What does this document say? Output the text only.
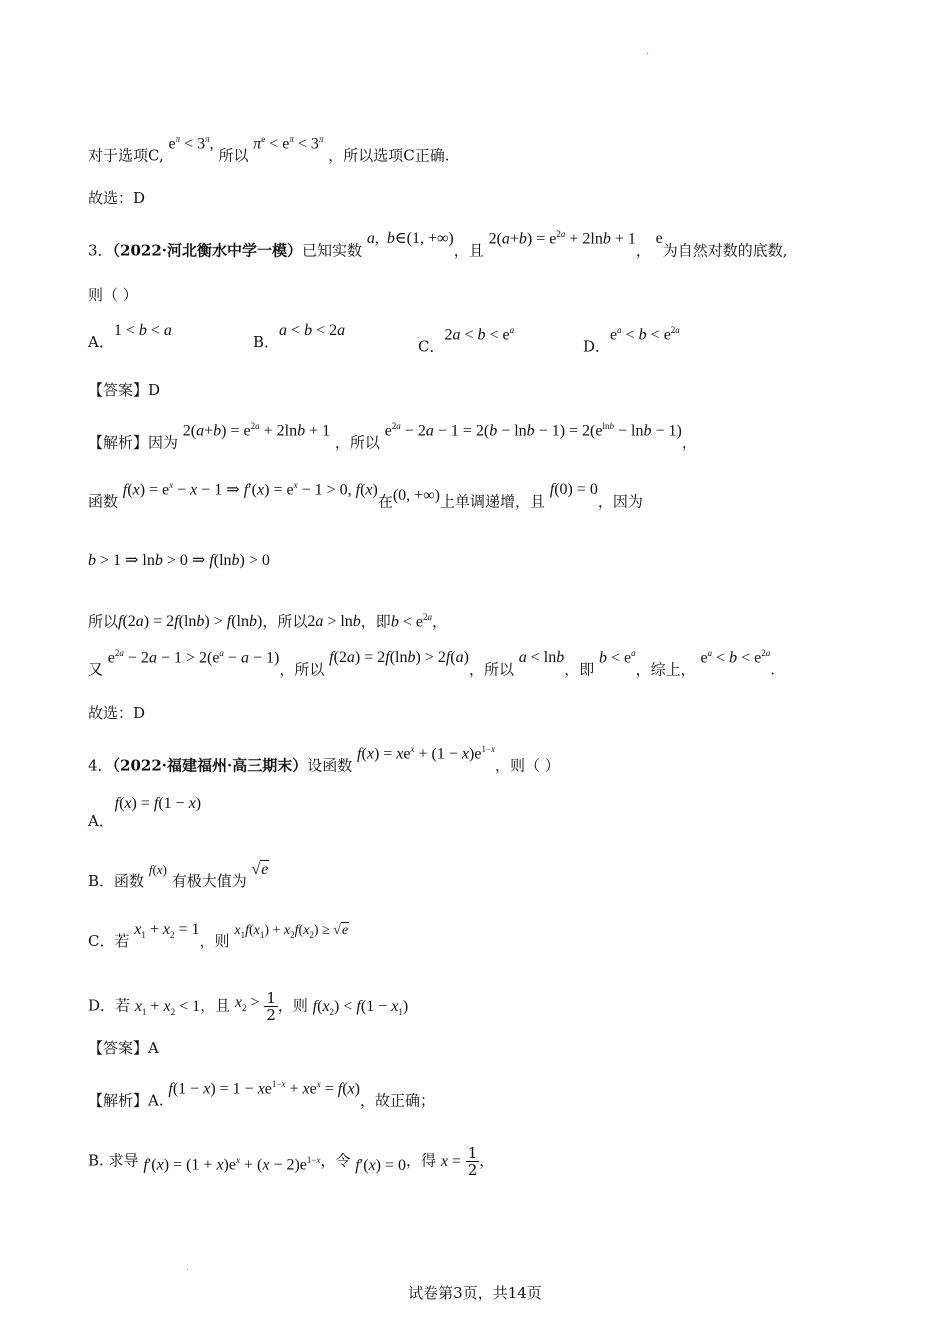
.
对于选项C, $e^\pi < 3^\pi$, 所以 $\pi^e < e^\pi < 3^\pi$ ，所以选项C正确.
故选：D
3．（2022·河北衡水中学一模）已知实数 a,  b∈(1, +∞)，且 $2(a+b) = e^{2a} + 2\ln b + 1$， e为自然对数的底数,
则（ ）
A．1 < b < a
B．a < b < 2a
C．$2a < b < e^a$
D．$e^a < b < e^{2a}$
【答案】D
【解析】因为 $2(a+b) = e^{2a} + 2\ln b + 1$ ，所以 $e^{2a} - 2a - 1 = 2(b - \ln b - 1) = 2(e^{lnb} - \ln b - 1)$，
函数 $f(x) = e^x - x - 1$ ⇒ $f'(x) = e^x - 1 > 0$, f(x)在(0, +∞)上单调递增，且 f(0) = 0，因为
b > 1 ⇒ lnb > 0 ⇒ f(lnb) > 0
所以f(2a) = 2f(lnb) > f(lnb)，所以2a > lnb，即$b < e^{2a}$，
又 $e^{2a} - 2a - 1 > 2(e^a - a - 1)$，所以 f(2a) = 2f(lnb) > 2f(a)，所以 a < lnb，即 $b < e^a$，综上， $e^a < b < e^{2a}$.
故选：D
4．（2022·福建福州·高三期末）设函数 $f(x) = xe^x + (1 - x)e^{1-x}$，则（ ）
A． f(x) = f(1 − x)
B．函数 f(x) 有极大值为 √e
C．若 $x_1 + x_2 = 1$，则 $x_1f(x_1) + x_2f(x_2) \ge √e$
D．若 $x_1 + x_2 < 1$，且 $x_2 > \frac{1}{2}$ ，则 $f(x_2) < f(1 - x_1)$
【答案】A
【解析】A. $f(1 - x) = 1 - xe^{1-x} + xe^x = f(x)$，故正确；
B. 求导 $f'(x) = (1 + x)e^x + (x - 2)e^{1-x}$，令 f′(x) = 0，得 $x = \frac{1}{2}$ ，
.
试卷第3页，共14页
